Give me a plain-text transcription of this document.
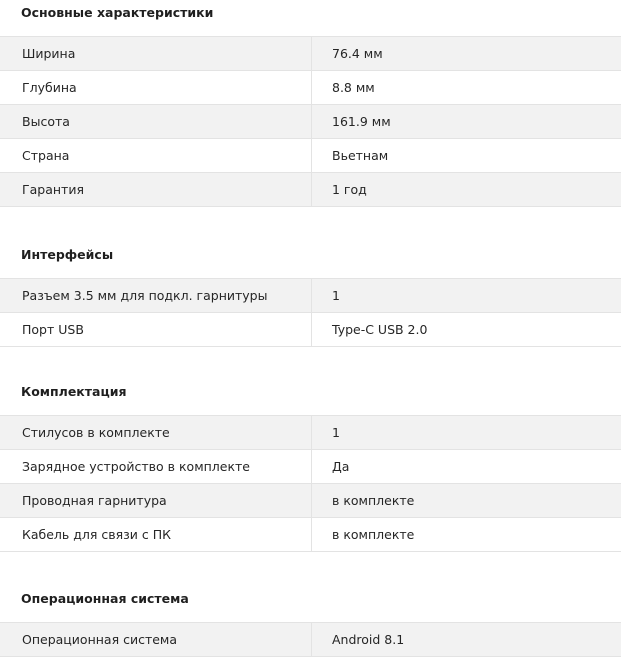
Основные характеристики
Ширина	76.4 мм
Глубина	8.8 мм
Высота	161.9 мм
Страна	Вьетнам
Гарантия	1 год
Интерфейсы
Разъем 3.5 мм для подкл. гарнитуры	1
Порт USB	Type-C USB 2.0
Комплектация
Стилусов в комплекте	1
Зарядное устройство в комплекте	Да
Проводная гарнитура	в комплекте
Кабель для связи с ПК	в комплекте
Операционная система
Операционная система	Android 8.1
